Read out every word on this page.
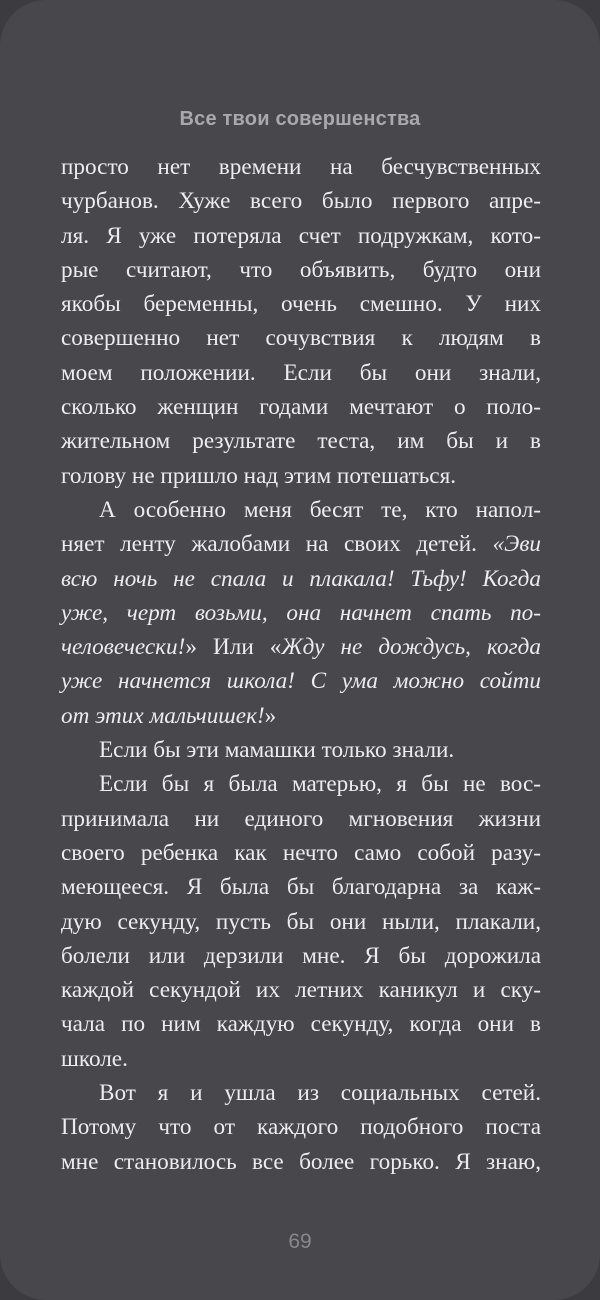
Все твои совершенства
просто нет времени на бесчувственных
чурбанов. Хуже всего было первого апре-
ля. Я уже потеряла счет подружкам, кото-
рые считают, что объявить, будто они
якобы беременны, очень смешно. У них
совершенно нет сочувствия к людям в
моем положении. Если бы они знали,
сколько женщин годами мечтают о поло-
жительном результате теста, им бы и в
голову не пришло над этим потешаться.
А особенно меня бесят те, кто напол-
няет ленту жалобами на своих детей. «Эви
всю ночь не спала и плакала! Тьфу! Когда
уже, черт возьми, она начнет спать по-
человечески!» Или «Жду не дождусь, когда
уже начнется школа! С ума можно сойти
от этих мальчишек!»
Если бы эти мамашки только знали.
Если бы я была матерью, я бы не вос-
принимала ни единого мгновения жизни
своего ребенка как нечто само собой разу-
меющееся. Я была бы благодарна за каж-
дую секунду, пусть бы они ныли, плакали,
болели или дерзили мне. Я бы дорожила
каждой секундой их летних каникул и ску-
чала по ним каждую секунду, когда они в
школе.
Вот я и ушла из социальных сетей.
Потому что от каждого подобного поста
мне становилось все более горько. Я знаю,
69
